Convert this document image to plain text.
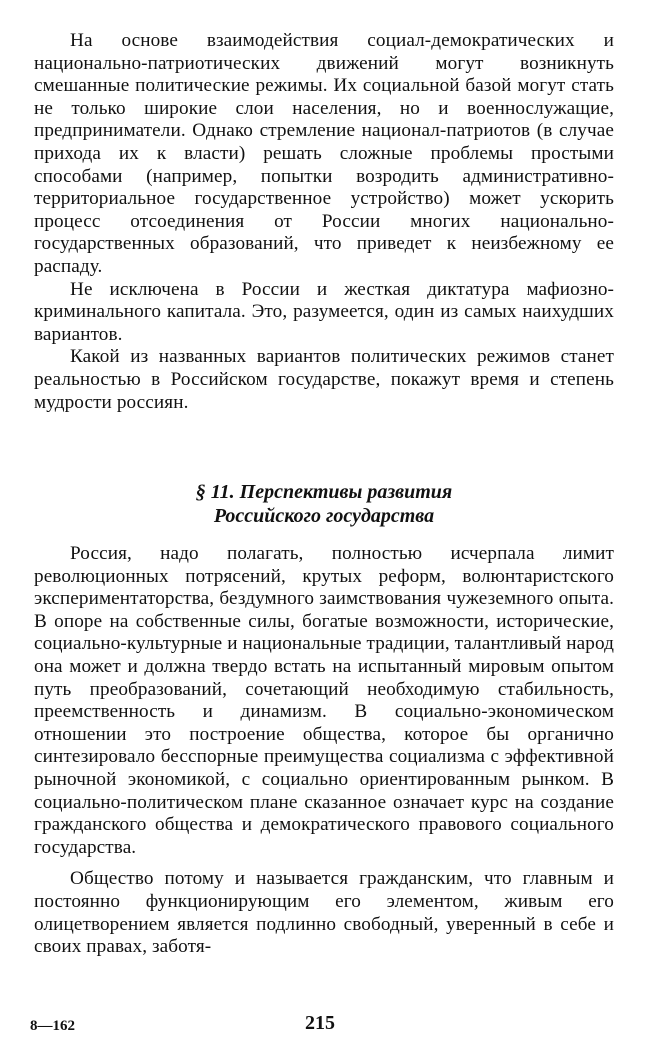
На основе взаимодействия социал-демократических и национально-патриотических движений могут возникнуть смешанные политические режимы. Их социальной базой могут стать не только широкие слои населения, но и военнослужащие, предприниматели. Однако стремление национал-патриотов (в случае прихода их к власти) решать сложные проблемы простыми способами (например, попытки возродить административно-территориальное государственное устройство) может ускорить процесс отсоединения от России многих национально-государственных образований, что приведет к неизбежному ее распаду.

Не исключена в России и жесткая диктатура мафиозно-криминального капитала. Это, разумеется, один из самых наихудших вариантов.

Какой из названных вариантов политических режимов станет реальностью в Российском государстве, покажут время и степень мудрости россиян.

§ 11. Перспективы развития
Российского государства

Россия, надо полагать, полностью исчерпала лимит революционных потрясений, крутых реформ, волюнтаристского экспериментаторства, бездумного заимствования чужеземного опыта. В опоре на собственные силы, богатые возможности, исторические, социально-культурные и национальные традиции, талантливый народ она может и должна твердо встать на испытанный мировым опытом путь преобразований, сочетающий необходимую стабильность, преемственность и динамизм. В социально-экономическом отношении это построение общества, которое бы органично синтезировало бесспорные преимущества социализма с эффективной рыночной экономикой, с социально ориентированным рынком. В социально-политическом плане сказанное означает курс на создание гражданского общества и демократического правового социального государства.

Общество потому и называется гражданским, что главным и постоянно функционирующим его элементом, живым его олицетворением является подлинно свободный, уверенный в себе и своих правах, заботя-

8—162	215
